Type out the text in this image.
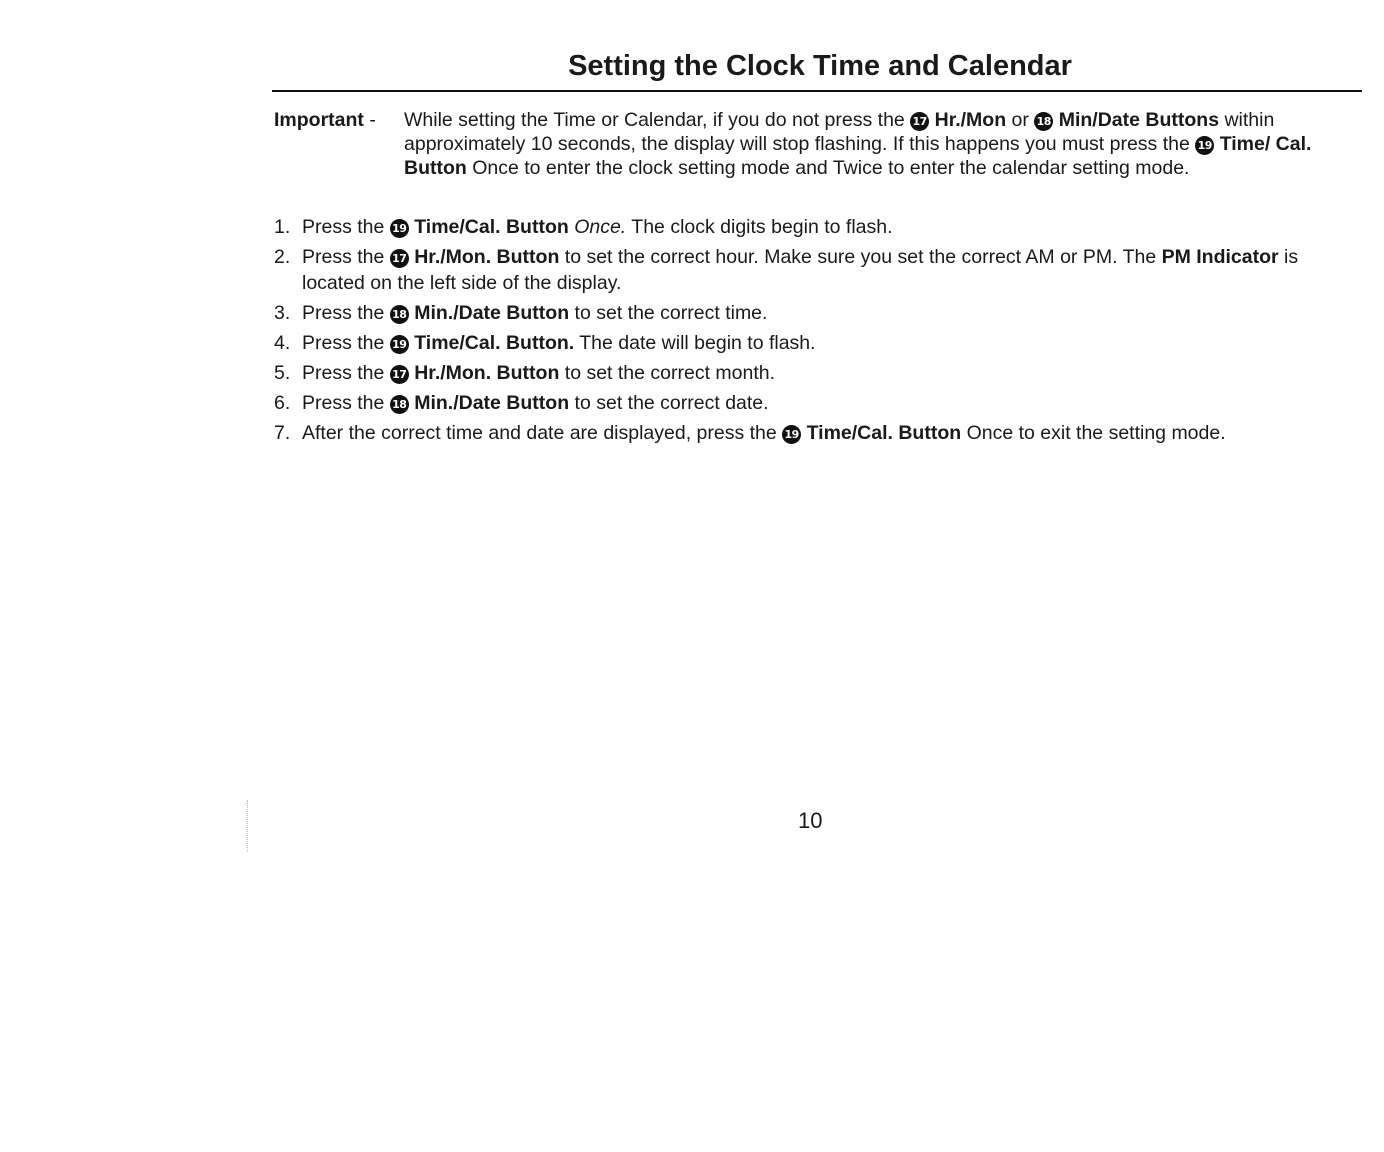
Setting the Clock Time and Calendar
Important -	While setting the Time or Calendar, if you do not press the 17 Hr./Mon or 18 Min/Date Buttons within approximately 10 seconds, the display will stop flashing. If this happens you must press the 19 Time/ Cal. Button Once to enter the clock setting mode and Twice to enter the calendar setting mode.
1. Press the 19 Time/Cal. Button Once. The clock digits begin to flash.
2. Press the 17 Hr./Mon. Button to set the correct hour. Make sure you set the correct AM or PM. The PM Indicator is located on the left side of the display.
3. Press the 18 Min./Date Button to set the correct time.
4. Press the 19 Time/Cal. Button. The date will begin to flash.
5. Press the 17 Hr./Mon. Button to set the correct month.
6. Press the 18 Min./Date Button to set the correct date.
7. After the correct time and date are displayed, press the 19 Time/Cal. Button Once to exit the setting mode.
10
